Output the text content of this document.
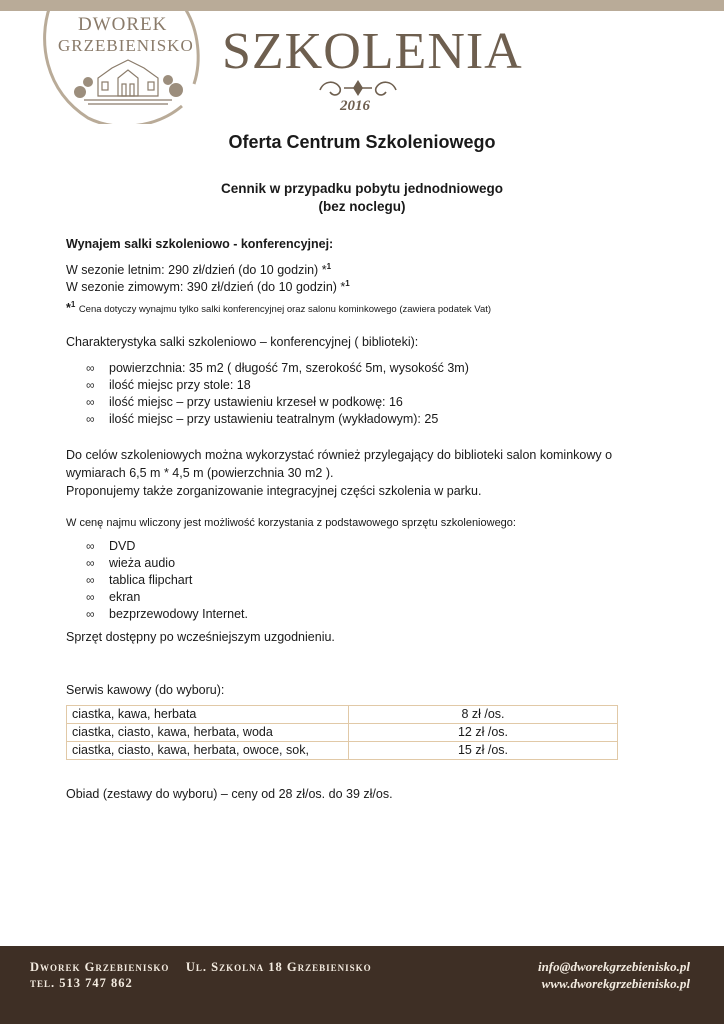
DWOREK
GRZEBIENISKO SZKOLENIA
2016
Oferta Centrum Szkoleniowego
Cennik w przypadku pobytu jednodniowego
(bez noclegu)
Wynajem salki szkoleniowo - konferencyjnej:
W sezonie letnim: 290 zł/dzień (do 10 godzin) *$^1$
W sezonie zimowym: 390 zł/dzień (do 10 godzin) *$^1$
*$^1$ Cena dotyczy wynajmu tylko salki konferencyjnej oraz salonu kominkowego (zawiera podatek Vat)
Charakterystyka salki szkoleniowo – konferencyjnej ( biblioteki):
∞ powierzchnia: 35 m2 ( długość 7m, szerokość 5m, wysokość 3m)
∞ ilość miejsc przy stole: 18
∞ ilość miejsc – przy ustawieniu krzeseł w podkowę: 16
∞ ilość miejsc – przy ustawieniu teatralnym (wykładowym): 25
Do celów szkoleniowych można wykorzystać również przylegający do biblioteki salon kominkowy o
wymiarach 6,5 m * 4,5 m (powierzchnia 30 m2 ).
Proponujemy także zorganizowanie integracyjnej części szkolenia w parku.
W cenę najmu wliczony jest możliwość korzystania z podstawowego sprzętu szkoleniowego:
∞ DVD
∞ wieża audio
∞ tablica flipchart
∞ ekran
∞ bezprzewodowy Internet.
Sprzęt dostępny po wcześniejszym uzgodnieniu.
Serwis kawowy (do wyboru):
ciastka, kawa, herbata	8 zł /os.
ciastka, ciasto, kawa, herbata, woda	12 zł /os.
ciastka, ciasto, kawa, herbata, owoce, sok,	15 zł /os.
Obiad (zestawy do wyboru) – ceny od 28 zł/os. do 39 zł/os.
Dworek Grzebienisko Ul. Szkolna 18 Grzebienisko
tel. 513 747 862
info@dworekgrzebienisko.pl
www.dworekgrzebienisko.pl
